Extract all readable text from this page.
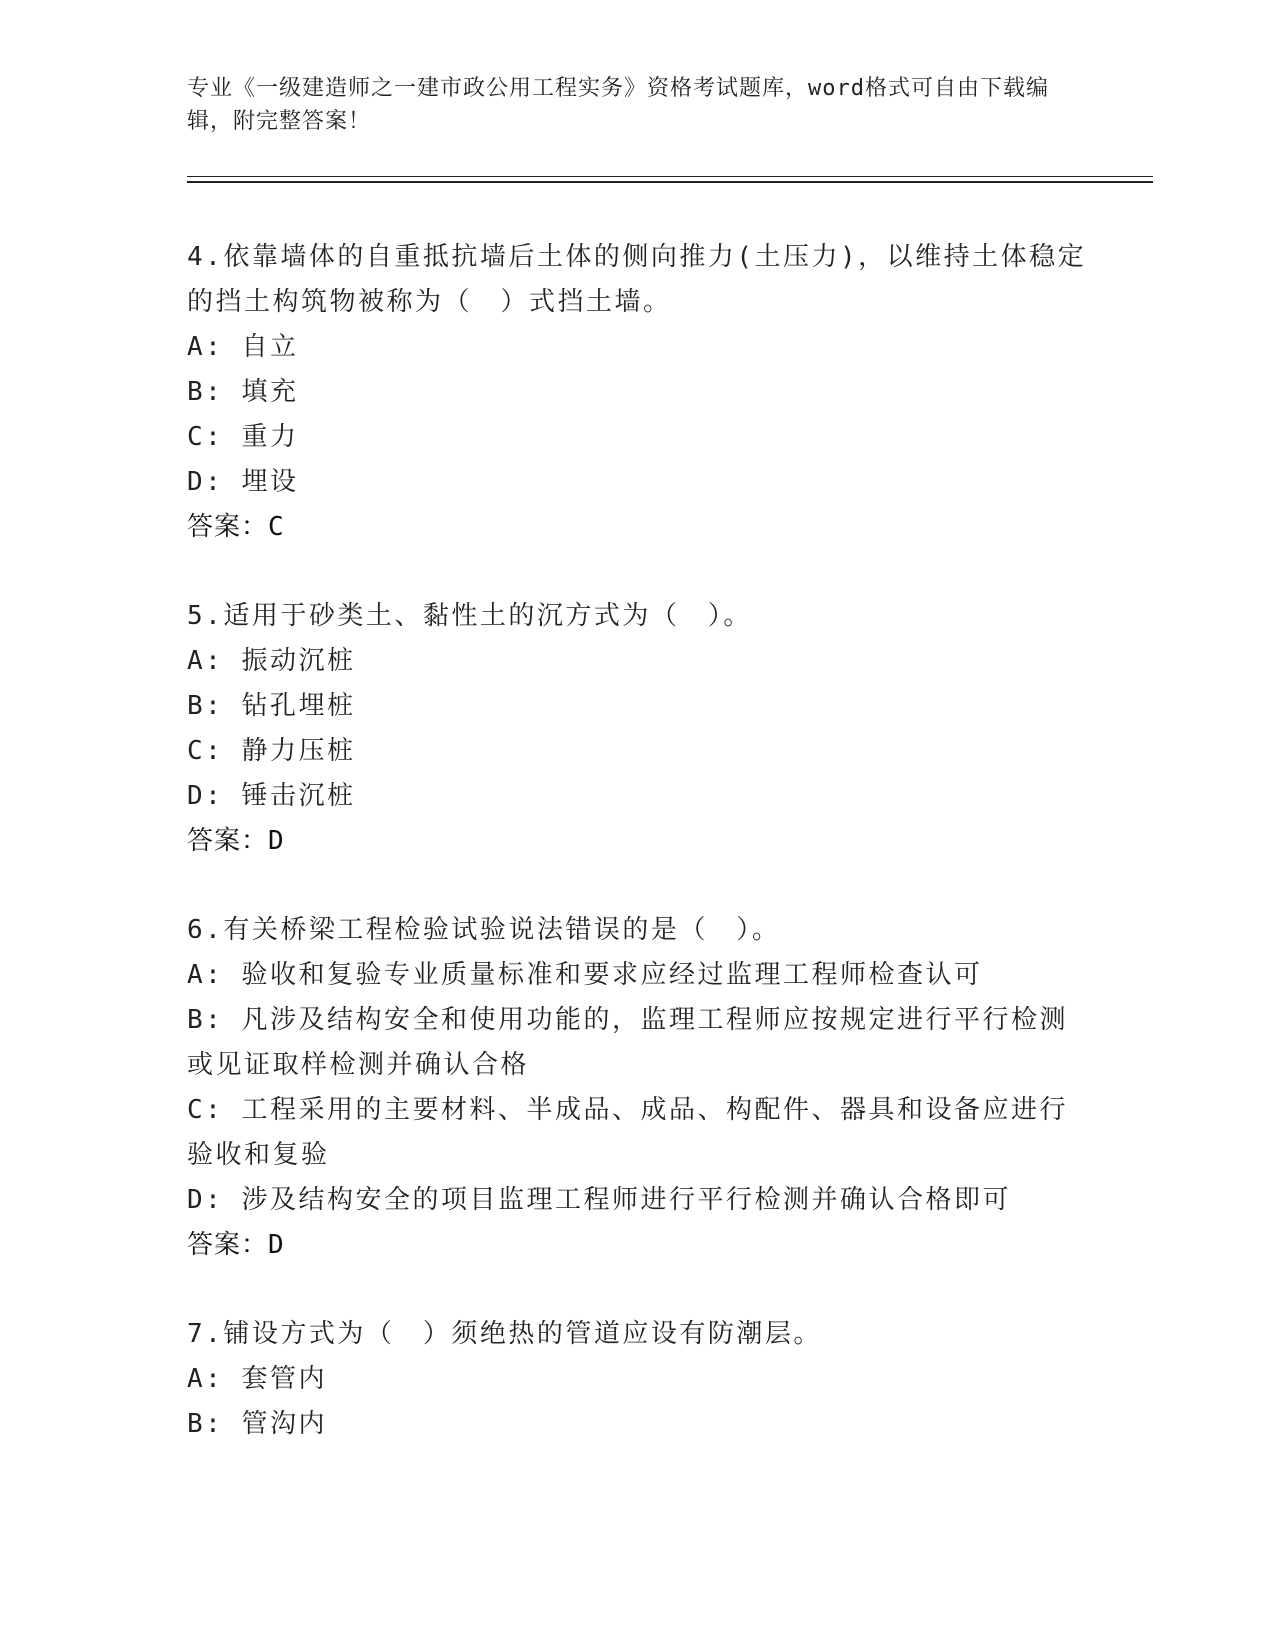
专业《一级建造师之一建市政公用工程实务》资格考试题库，word格式可自由下载编辑，附完整答案！
4.依靠墙体的自重抵抗墙后土体的侧向推力(土压力)，以维持土体稳定的挡土构筑物被称为（　）式挡土墙。
A: 自立
B: 填充
C: 重力
D: 埋设
答案：C
5.适用于砂类土、黏性土的沉方式为（　）。
A: 振动沉桩
B: 钻孔埋桩
C: 静力压桩
D: 锤击沉桩
答案：D
6.有关桥梁工程检验试验说法错误的是（　）。
A: 验收和复验专业质量标准和要求应经过监理工程师检查认可
B: 凡涉及结构安全和使用功能的，监理工程师应按规定进行平行检测或见证取样检测并确认合格
C: 工程采用的主要材料、半成品、成品、构配件、器具和设备应进行验收和复验
D: 涉及结构安全的项目监理工程师进行平行检测并确认合格即可
答案：D
7.铺设方式为（　）须绝热的管道应设有防潮层。
A: 套管内
B: 管沟内
